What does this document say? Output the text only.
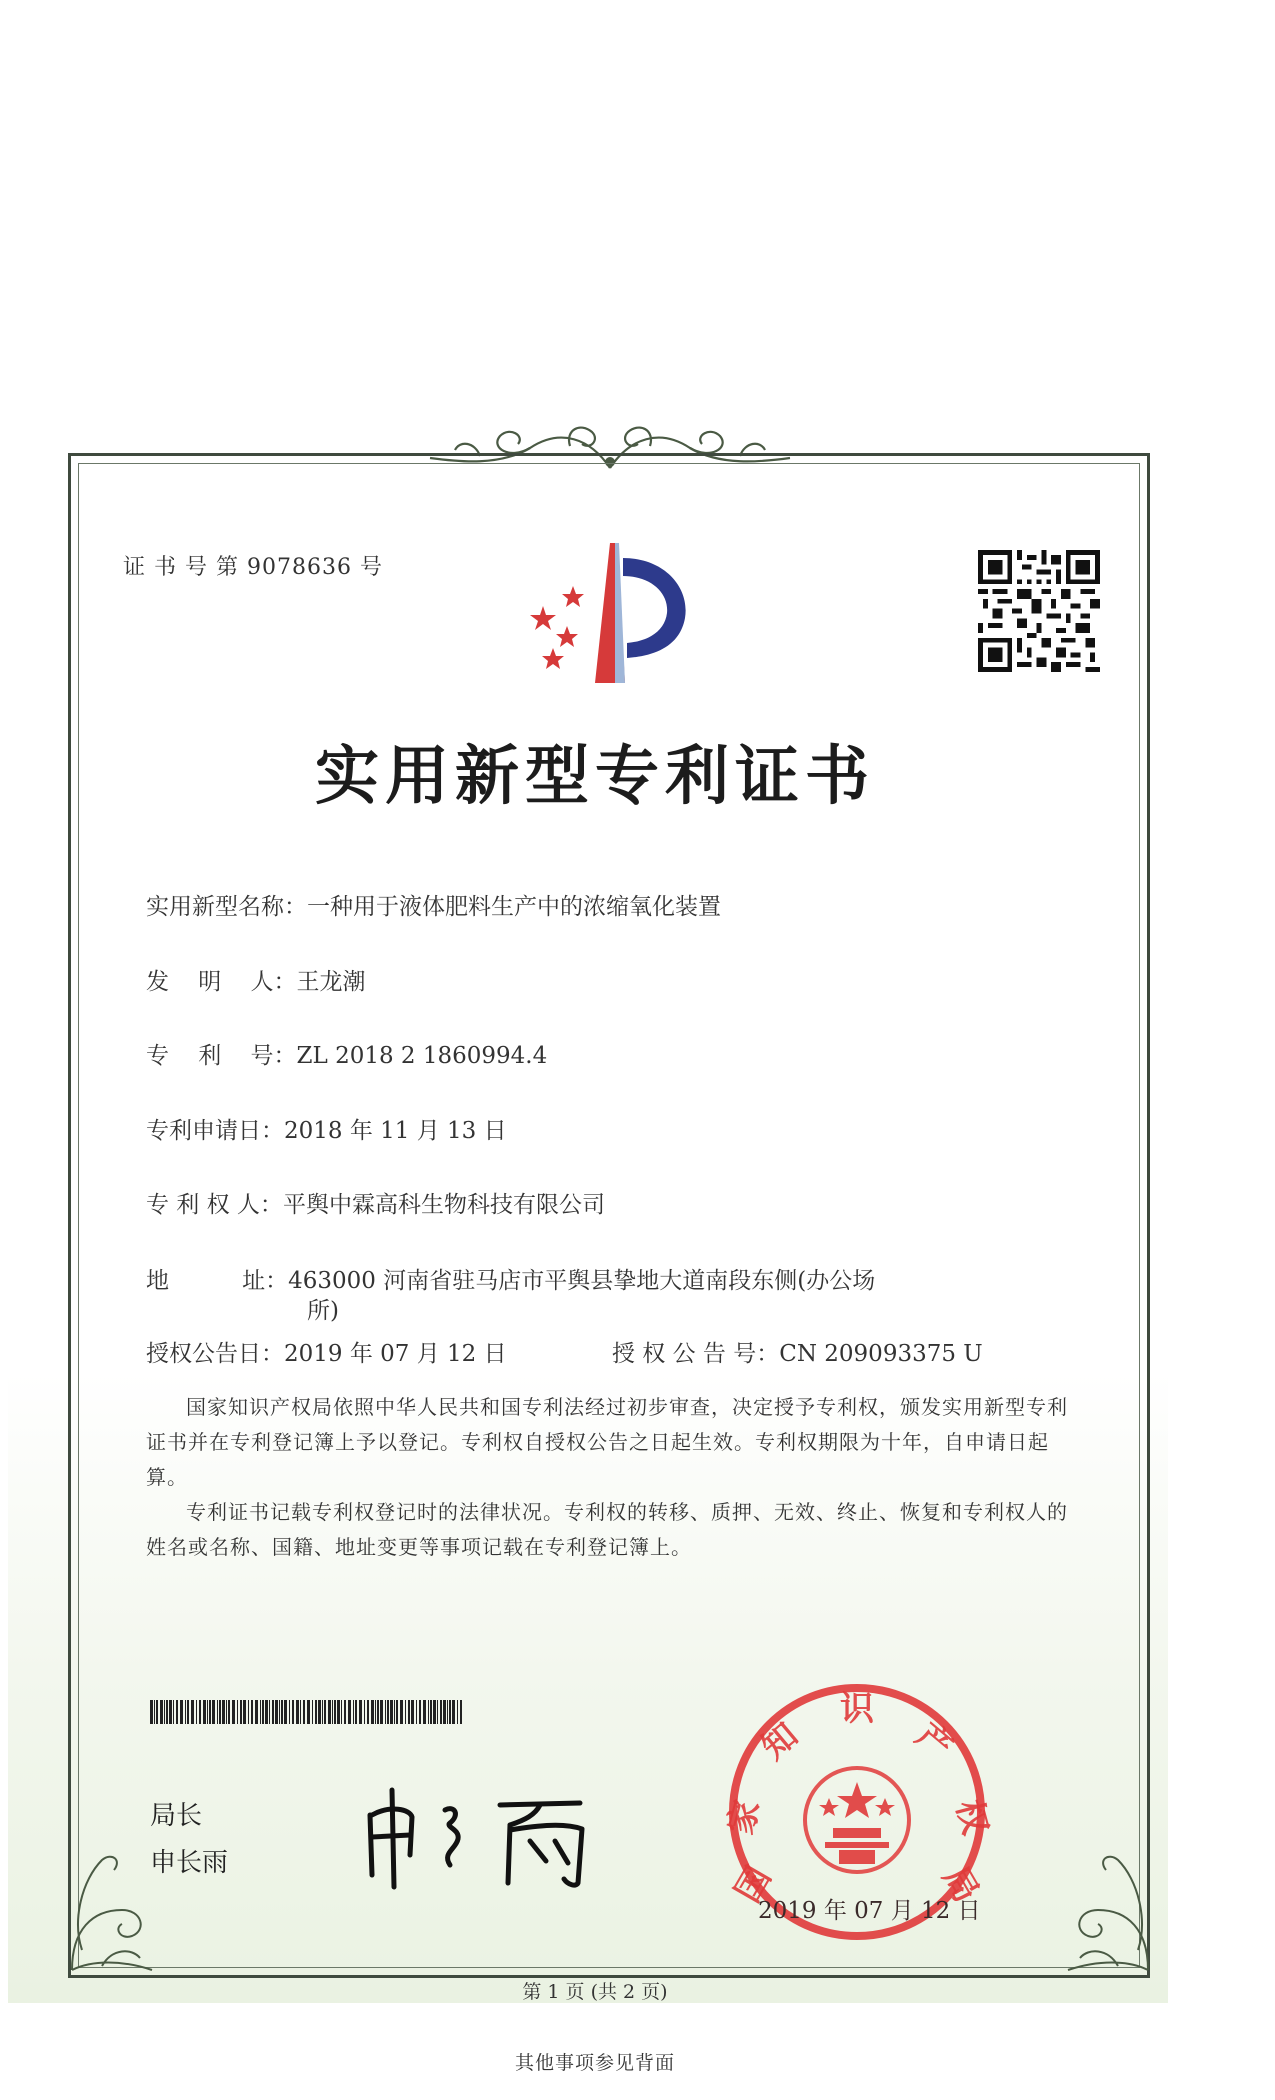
证 书 号 第 9078636 号
实用新型专利证书
实用新型名称：一种用于液体肥料生产中的浓缩氧化装置
发    明    人：王龙潮
专    利    号：ZL 2018 2 1860994.4
专利申请日：2018 年 11 月 13 日
专 利 权 人：平舆中霖高科生物科技有限公司
地          址：463000 河南省驻马店市平舆县挚地大道南段东侧(办公场
所)
授权公告日：2019 年 07 月 12 日	授 权 公 告 号：CN 209093375 U
国家知识产权局依照中华人民共和国专利法经过初步审查，决定授予专利权，颁发实用新型专利证书并在专利登记簿上予以登记。专利权自授权公告之日起生效。专利权期限为十年，自申请日起算。
专利证书记载专利权登记时的法律状况。专利权的转移、质押、无效、终止、恢复和专利权人的姓名或名称、国籍、地址变更等事项记载在专利登记簿上。
局长
申长雨	国
家
知
识
产
权
局
2019 年 07 月 12 日
第 1 页 (共 2 页)
其他事项参见背面
